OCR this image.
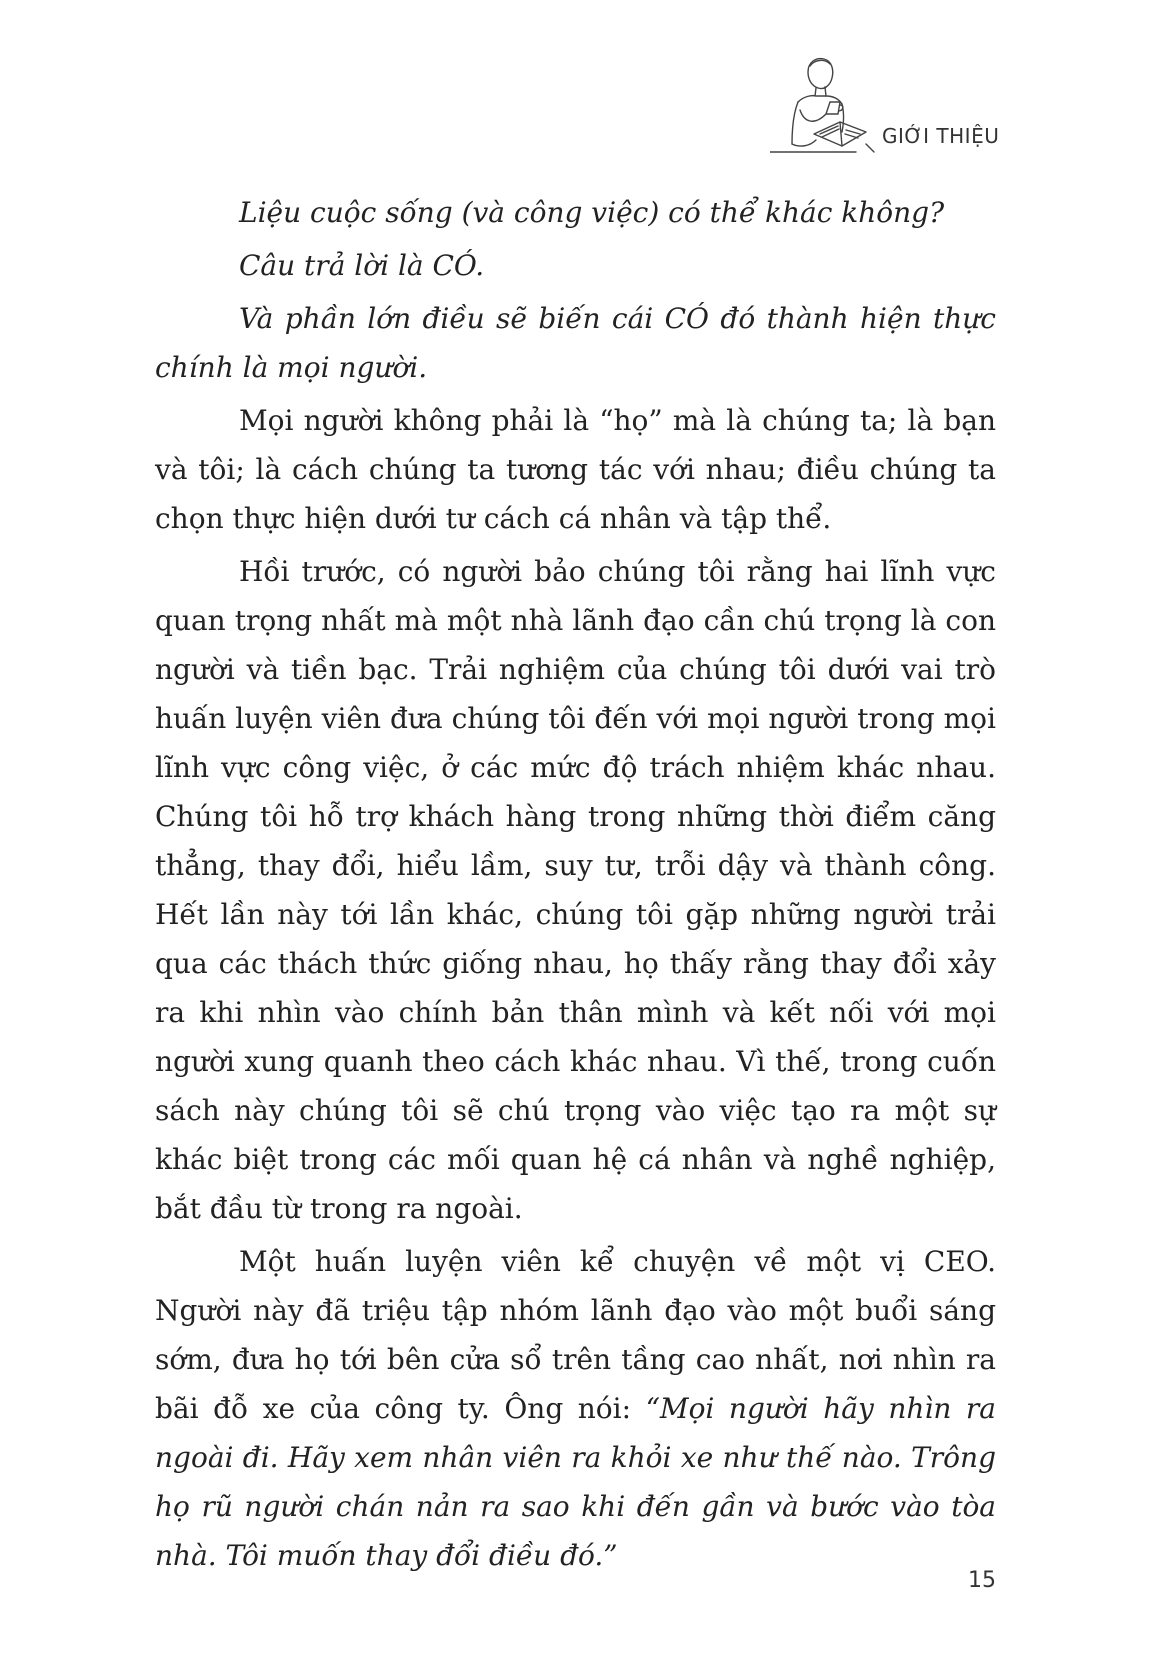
GIỚI THIỆU

Liệu cuộc sống (và công việc) có thể khác không?

Câu trả lời là CÓ.

Và phần lớn điều sẽ biến cái CÓ đó thành hiện thực chính là mọi người.

Mọi người không phải là “họ” mà là chúng ta; là bạn và tôi; là cách chúng ta tương tác với nhau; điều chúng ta chọn thực hiện dưới tư cách cá nhân và tập thể.

Hồi trước, có người bảo chúng tôi rằng hai lĩnh vực quan trọng nhất mà một nhà lãnh đạo cần chú trọng là con người và tiền bạc. Trải nghiệm của chúng tôi dưới vai trò huấn luyện viên đưa chúng tôi đến với mọi người trong mọi lĩnh vực công việc, ở các mức độ trách nhiệm khác nhau. Chúng tôi hỗ trợ khách hàng trong những thời điểm căng thẳng, thay đổi, hiểu lầm, suy tư, trỗi dậy và thành công. Hết lần này tới lần khác, chúng tôi gặp những người trải qua các thách thức giống nhau, họ thấy rằng thay đổi xảy ra khi nhìn vào chính bản thân mình và kết nối với mọi người xung quanh theo cách khác nhau. Vì thế, trong cuốn sách này chúng tôi sẽ chú trọng vào việc tạo ra một sự khác biệt trong các mối quan hệ cá nhân và nghề nghiệp, bắt đầu từ trong ra ngoài.

Một huấn luyện viên kể chuyện về một vị CEO. Người này đã triệu tập nhóm lãnh đạo vào một buổi sáng sớm, đưa họ tới bên cửa sổ trên tầng cao nhất, nơi nhìn ra bãi đỗ xe của công ty. Ông nói: “Mọi người hãy nhìn ra ngoài đi. Hãy xem nhân viên ra khỏi xe như thế nào. Trông họ rũ người chán nản ra sao khi đến gần và bước vào tòa nhà. Tôi muốn thay đổi điều đó.”

15
